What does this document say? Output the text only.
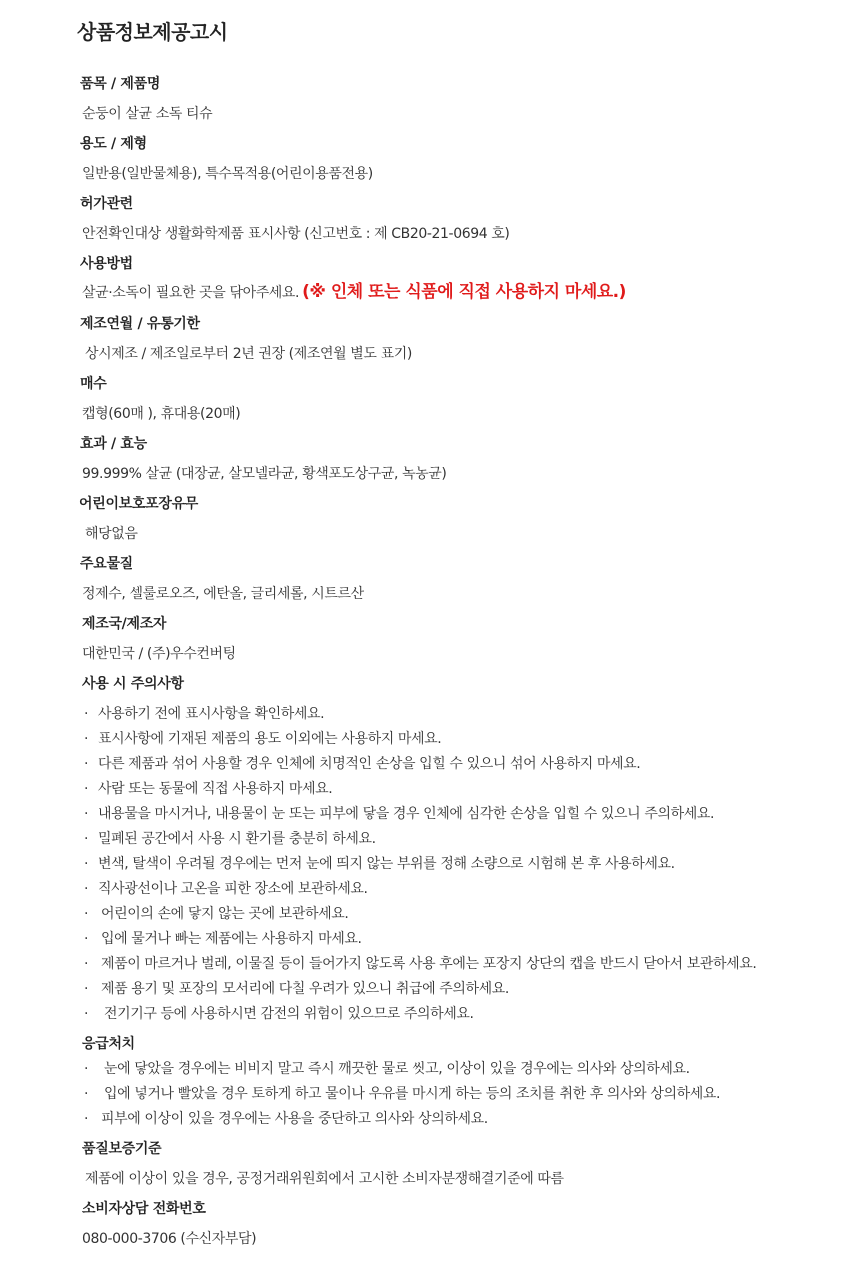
상품정보제공고시
품목 / 제품명
순둥이 살균 소독 티슈
용도 / 제형
일반용(일반물체용), 특수목적용(어린이용품전용)
허가관련
안전확인대상 생활화학제품 표시사항 (신고번호 : 제 CB20-21-0694 호)
사용방법
살균·소독이 필요한 곳을 닦아주세요. (※ 인체 또는 식품에 직접 사용하지 마세요.)
제조연월 / 유통기한
상시제조 / 제조일로부터 2년 권장 (제조연월 별도 표기)
매수
캡형(60매 ), 휴대용(20매)
효과 / 효능
99.999% 살균 (대장균, 살모넬라균, 황색포도상구균, 녹농균)
어린이보호포장유무
해당없음
주요물질
정제수, 셀룰로오즈, 에탄올, 글리세롤, 시트르산
제조국/제조자
대한민국 / (주)우수컨버팅
사용 시 주의사항
· 사용하기 전에 표시사항을 확인하세요.
· 표시사항에 기재된 제품의 용도 이외에는 사용하지 마세요.
· 다른 제품과 섞어 사용할 경우 인체에 치명적인 손상을 입힐 수 있으니 섞어 사용하지 마세요.
· 사람 또는 동물에 직접 사용하지 마세요.
· 내용물을 마시거나, 내용물이 눈 또는 피부에 닿을 경우 인체에 심각한 손상을 입힐 수 있으니 주의하세요.
· 밀폐된 공간에서 사용 시 환기를 충분히 하세요.
· 변색, 탈색이 우려될 경우에는 먼저 눈에 띄지 않는 부위를 정해 소량으로 시험해 본 후 사용하세요.
· 직사광선이나 고온을 피한 장소에 보관하세요.
· 어린이의 손에 닿지 않는 곳에 보관하세요.
· 입에 물거나 빠는 제품에는 사용하지 마세요.
· 제품이 마르거나 벌레, 이물질 등이 들어가지 않도록 사용 후에는 포장지 상단의 캡을 반드시 닫아서 보관하세요.
· 제품 용기 및 포장의 모서리에 다칠 우려가 있으니 취급에 주의하세요.
· 전기기구 등에 사용하시면 감전의 위험이 있으므로 주의하세요.
응급처치
· 눈에 닿았을 경우에는 비비지 말고 즉시 깨끗한 물로 씻고, 이상이 있을 경우에는 의사와 상의하세요.
· 입에 넣거나 빨았을 경우 토하게 하고 물이나 우유를 마시게 하는 등의 조치를 취한 후 의사와 상의하세요.
· 피부에 이상이 있을 경우에는 사용을 중단하고 의사와 상의하세요.
품질보증기준
제품에 이상이 있을 경우, 공정거래위원회에서 고시한 소비자분쟁해결기준에 따름
소비자상담 전화번호
080-000-3706 (수신자부담)
